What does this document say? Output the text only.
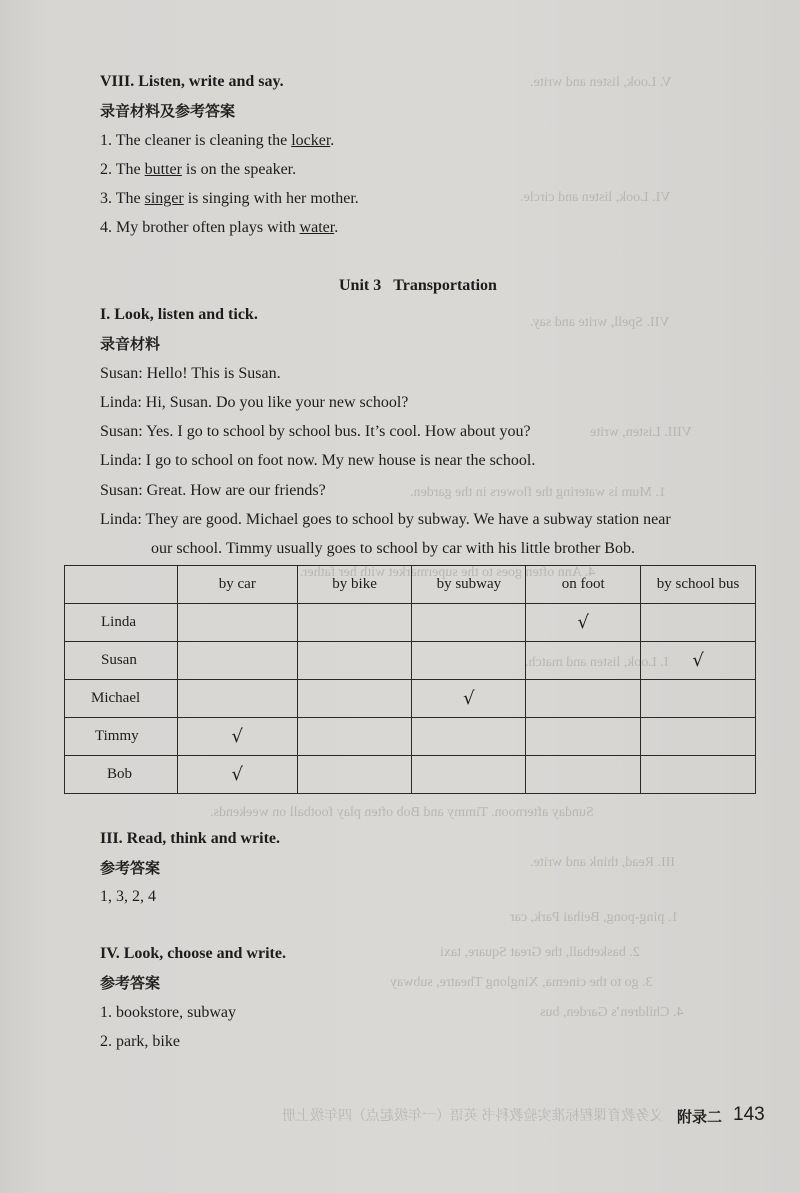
V. Look, listen and write.
VI. Look, listen and circle.
VII. Spell, write and say.
VIII. Listen, write
1. Mum is watering the flowers in the garden.
4. Ann often goes to the supermarket with her father.
I. Look, listen and match.
Sunday afternoon. Timmy and Bob often play football on weekends.
III. Read, think and write.
1. ping-pong, Beihai Park, car
2. basketball, the Great Square, taxi
3. go to the cinema, Xinglong Theatre, subway
4. Children’s Garden, bus
VIII. Listen, write and say.
录音材料及参考答案
1. The cleaner is cleaning the locker.
2. The butter is on the speaker.
3. The singer is singing with her mother.
4. My brother often plays with water.
Unit 3 Transportation
I. Look, listen and tick.
录音材料
Susan: Hello! This is Susan.
Linda: Hi, Susan. Do you like your new school?
Susan: Yes. I go to school by school bus. It’s cool. How about you?
Linda: I go to school on foot now. My new house is near the school.
Susan: Great. How are our friends?
Linda: They are good. Michael goes to school by subway. We have a subway station near
our school. Timmy usually goes to school by car with his little brother Bob.
	by car	by bike	by subway	on foot	by school bus
Linda				√	
Susan					√
Michael			√		
Timmy	√				
Bob	√				
III. Read, think and write.
参考答案
1, 3, 2, 4
IV. Look, choose and write.
参考答案
1. bookstore, subway
2. park, bike
义务教育课程标准实验教科书 英语（一年级起点）四年级上册 附录二 143
